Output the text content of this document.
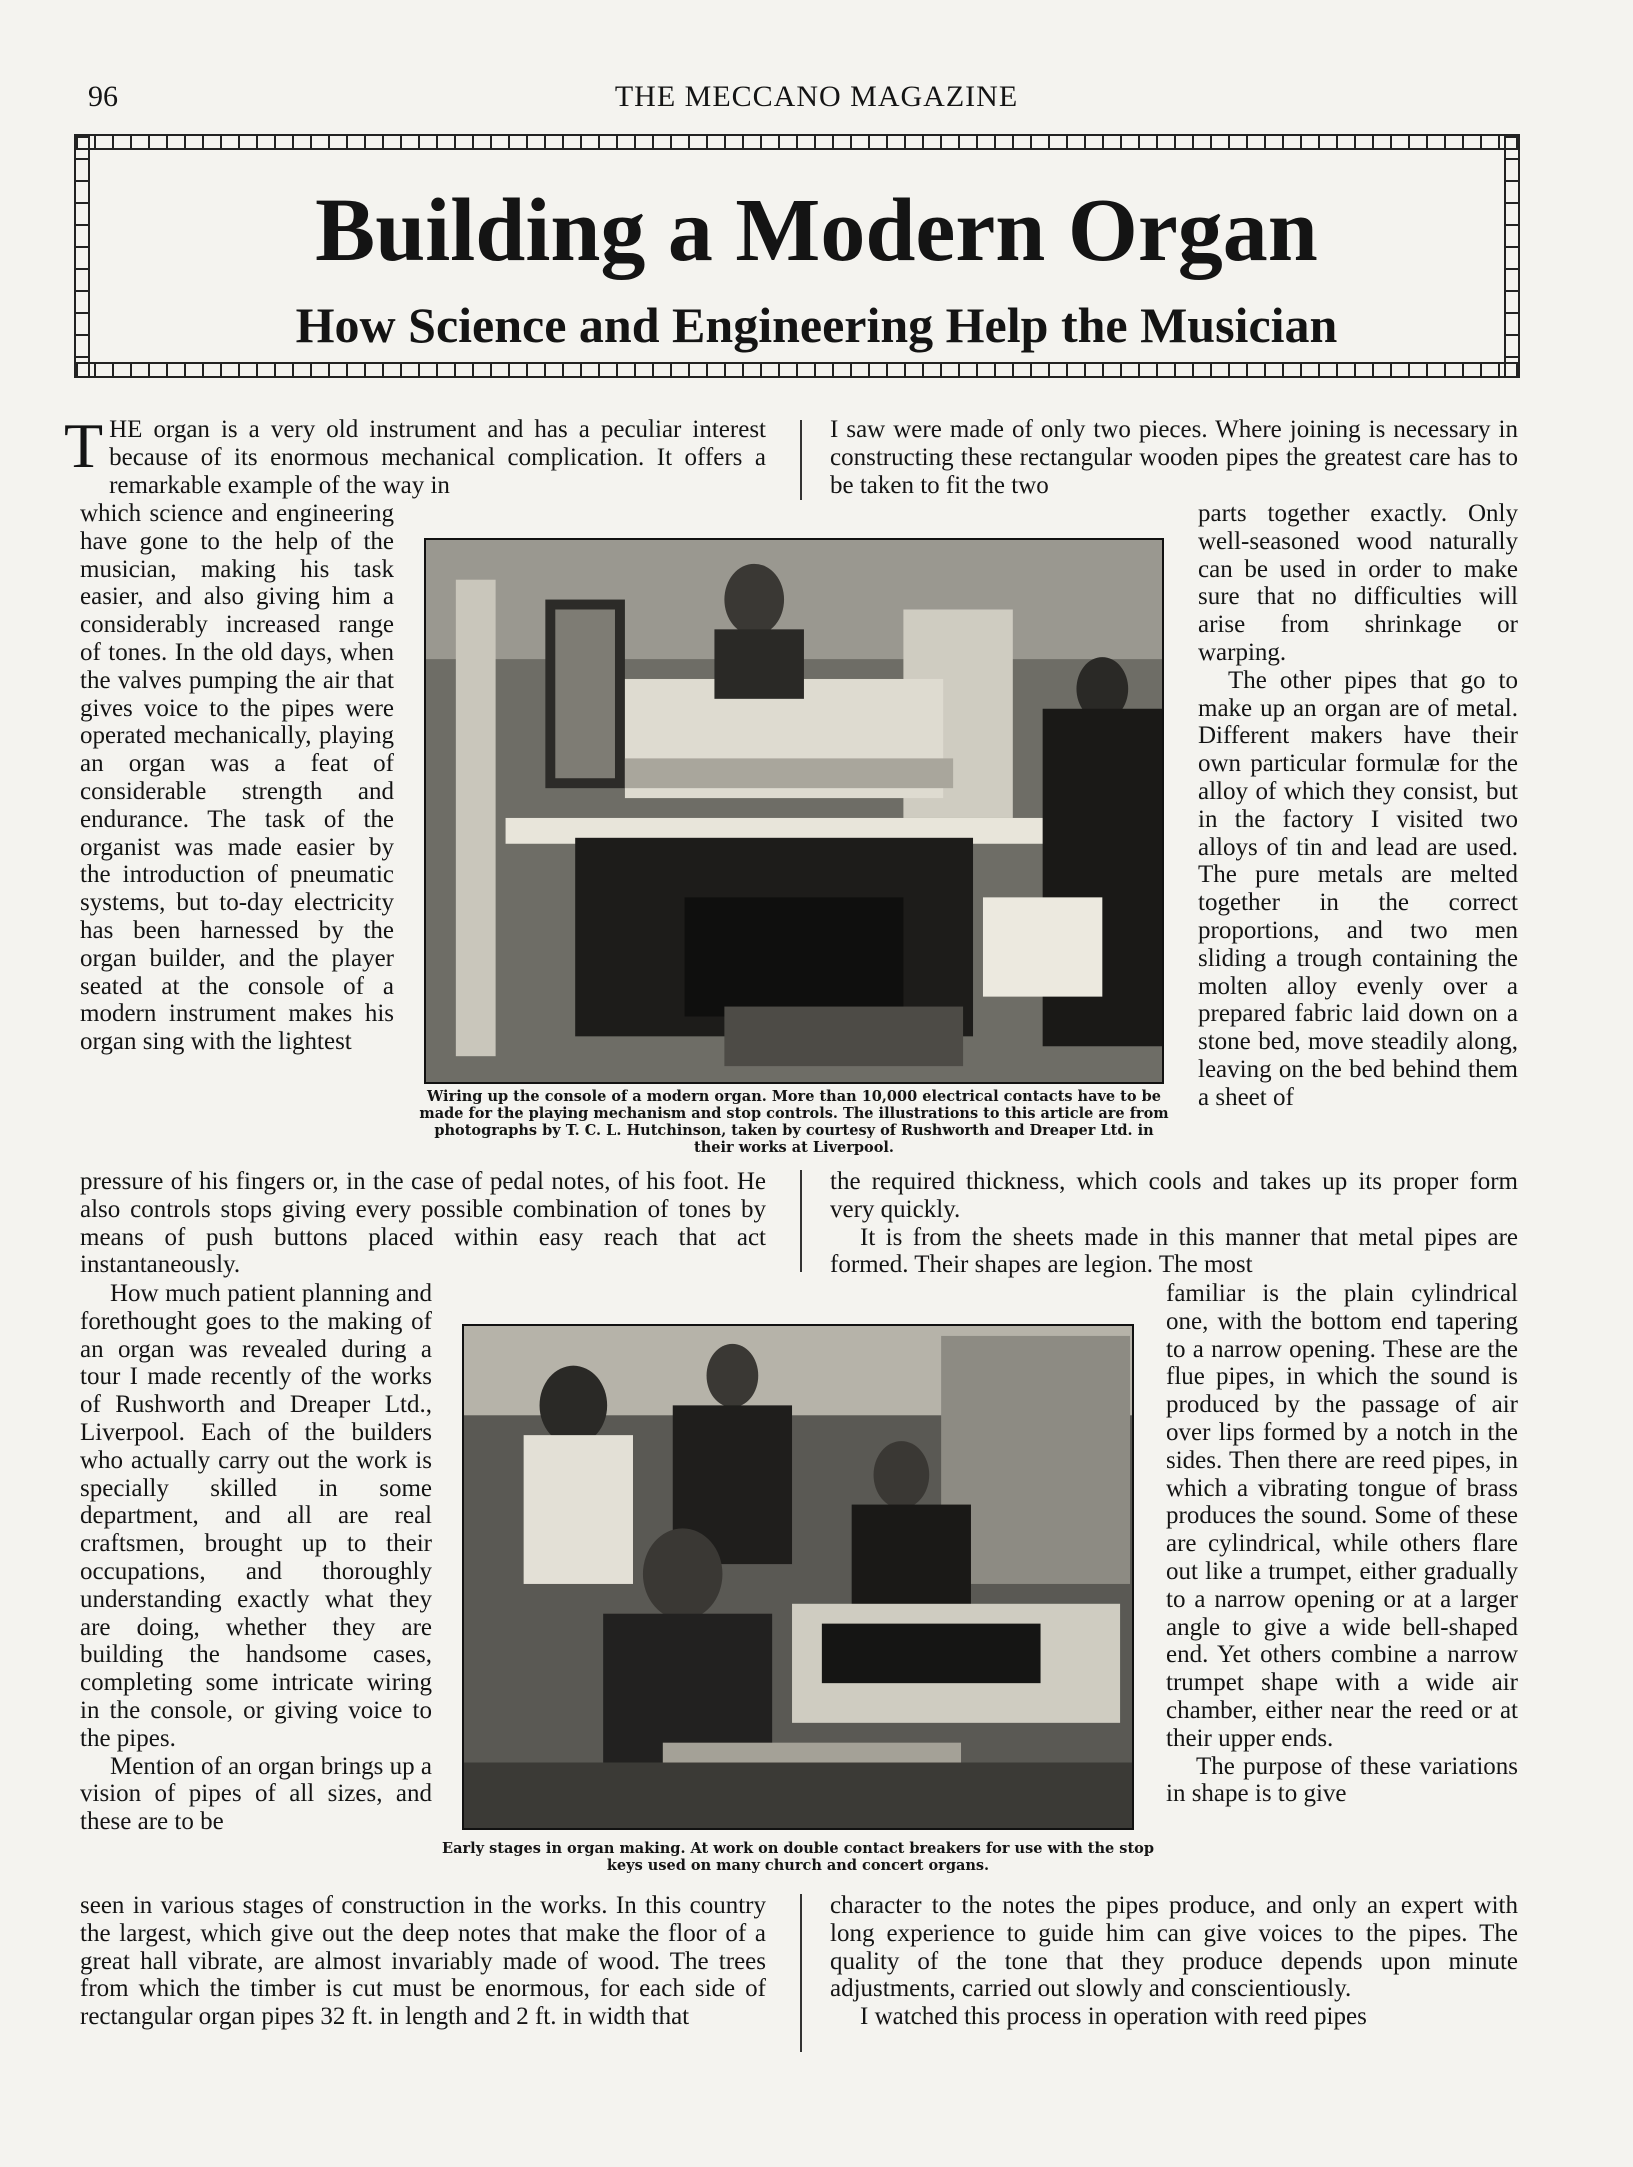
96	THE MECCANO MAGAZINE
Building a Modern Organ
How Science and Engineering Help the Musician

THE organ is a very old instrument and has a peculiar interest because of its enormous mechanical complication. It offers a remarkable example of the way in

I saw were made of only two pieces. Where joining is necessary in constructing these rectangular wooden pipes the greatest care has to be taken to fit the two

which science and engineering have gone to the help of the musician, making his task easier, and also giving him a considerably increased range of tones. In the old days, when the valves pumping the air that gives voice to the pipes were operated mechanically, playing an organ was a feat of considerable strength and endurance. The task of the organist was made easier by the introduction of pneumatic systems, but to-day electricity has been harnessed by the organ builder, and the player seated at the console of a modern instrument makes his organ sing with the lightest

Wiring up the console of a modern organ. More than 10,000 electrical contacts have to be made for the playing mechanism and stop controls. The illustrations to this article are from photographs by T. C. L. Hutchinson, taken by courtesy of Rushworth and Dreaper Ltd. in their works at Liverpool.

parts together exactly. Only well-seasoned wood naturally can be used in order to make sure that no difficulties will arise from shrinkage or warping.

The other pipes that go to make up an organ are of metal. Different makers have their own particular formulæ for the alloy of which they consist, but in the factory I visited two alloys of tin and lead are used. The pure metals are melted together in the correct proportions, and two men sliding a trough containing the molten alloy evenly over a prepared fabric laid down on a stone bed, move steadily along, leaving on the bed behind them a sheet of

pressure of his fingers or, in the case of pedal notes, of his foot. He also controls stops giving every possible combination of tones by means of push buttons placed within easy reach that act instantaneously.

the required thickness, which cools and takes up its proper form very quickly.

It is from the sheets made in this manner that metal pipes are formed. Their shapes are legion. The most

How much patient planning and forethought goes to the making of an organ was revealed during a tour I made recently of the works of Rushworth and Dreaper Ltd., Liverpool. Each of the builders who actually carry out the work is specially skilled in some department, and all are real craftsmen, brought up to their occupations, and thoroughly understanding exactly what they are doing, whether they are building the handsome cases, completing some intricate wiring in the console, or giving voice to the pipes.

Mention of an organ brings up a vision of pipes of all sizes, and these are to be

Early stages in organ making. At work on double contact breakers for use with the stop keys used on many church and concert organs.

familiar is the plain cylindrical one, with the bottom end tapering to a narrow opening. These are the flue pipes, in which the sound is produced by the passage of air over lips formed by a notch in the sides. Then there are reed pipes, in which a vibrating tongue of brass produces the sound. Some of these are cylindrical, while others flare out like a trumpet, either gradually to a narrow opening or at a larger angle to give a wide bell-shaped end. Yet others combine a narrow trumpet shape with a wide air chamber, either near the reed or at their upper ends.

The purpose of these variations in shape is to give

seen in various stages of construction in the works. In this country the largest, which give out the deep notes that make the floor of a great hall vibrate, are almost invariably made of wood. The trees from which the timber is cut must be enormous, for each side of rectangular organ pipes 32 ft. in length and 2 ft. in width that

character to the notes the pipes produce, and only an expert with long experience to guide him can give voices to the pipes. The quality of the tone that they produce depends upon minute adjustments, carried out slowly and conscientiously.

I watched this process in operation with reed pipes
